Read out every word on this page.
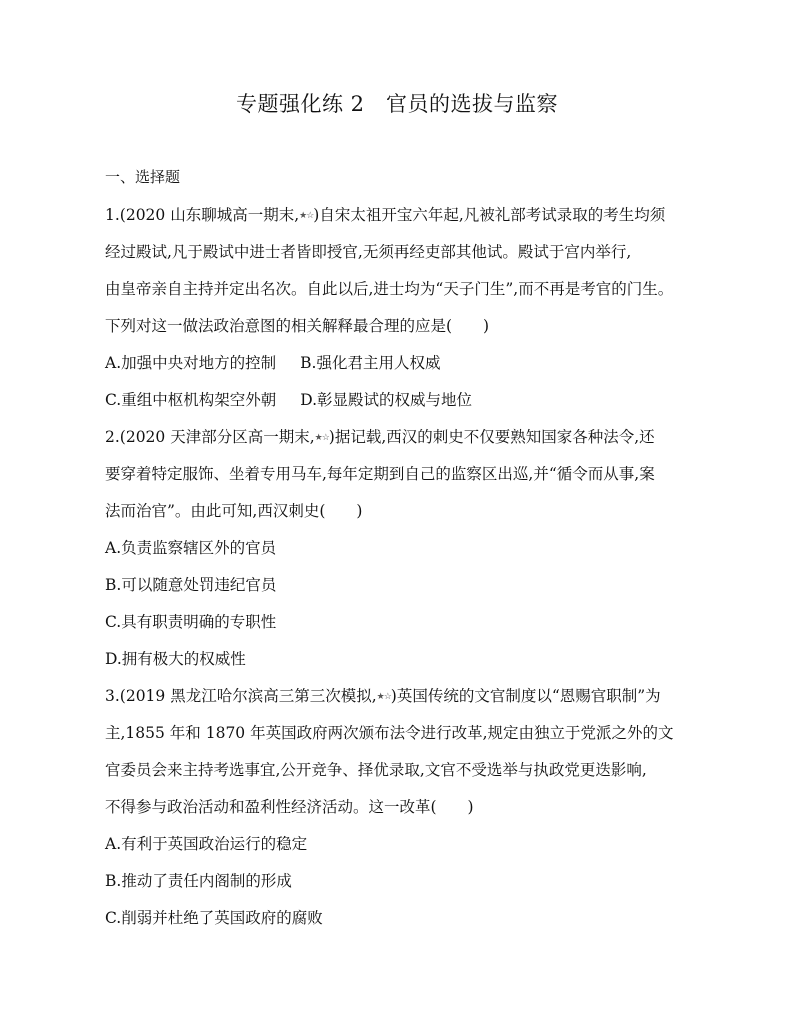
专题强化练 2　官员的选拔与监察
一、选择题
1.(2020 山东聊城高一期末,★☆)自宋太祖开宝六年起,凡被礼部考试录取的考生均须
经过殿试,凡于殿试中进士者皆即授官,无须再经吏部其他试。殿试于宫内举行,
由皇帝亲自主持并定出名次。自此以后,进士均为“天子门生”,而不再是考官的门生。
下列对这一做法政治意图的相关解释最合理的应是(　　)
A.加强中央对地方的控制 B.强化君主用人权威
C.重组中枢机构架空外朝 D.彰显殿试的权威与地位
2.(2020 天津部分区高一期末,★☆)据记载,西汉的刺史不仅要熟知国家各种法令,还
要穿着特定服饰、坐着专用马车,每年定期到自己的监察区出巡,并“循令而从事,案
法而治官”。由此可知,西汉刺史(　　)
A.负责监察辖区外的官员
B.可以随意处罚违纪官员
C.具有职责明确的专职性
D.拥有极大的权威性
3.(2019 黑龙江哈尔滨高三第三次模拟,★☆)英国传统的文官制度以“恩赐官职制”为
主,1855 年和 1870 年英国政府两次颁布法令进行改革,规定由独立于党派之外的文
官委员会来主持考选事宜,公开竞争、择优录取,文官不受选举与执政党更迭影响,
不得参与政治活动和盈利性经济活动。这一改革(　　)
A.有利于英国政治运行的稳定
B.推动了责任内阁制的形成
C.削弱并杜绝了英国政府的腐败
